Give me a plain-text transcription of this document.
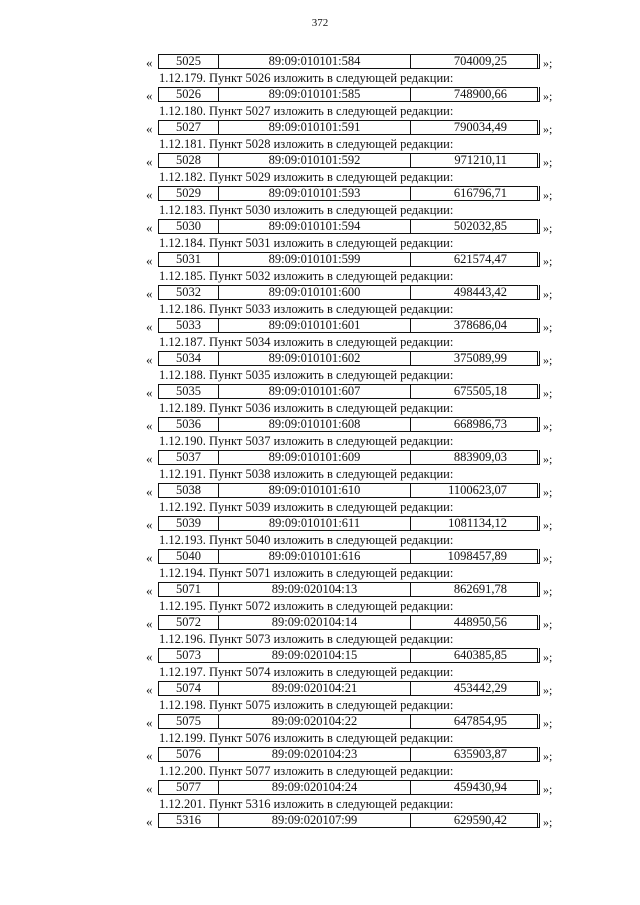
372
«	5025	89:09:010101:584	704009,25	»;
1.12.179. Пункт 5026 изложить в следующей редакции:
«	5026	89:09:010101:585	748900,66	»;
1.12.180. Пункт 5027 изложить в следующей редакции:
«	5027	89:09:010101:591	790034,49	»;
1.12.181. Пункт 5028 изложить в следующей редакции:
«	5028	89:09:010101:592	971210,11	»;
1.12.182. Пункт 5029 изложить в следующей редакции:
«	5029	89:09:010101:593	616796,71	»;
1.12.183. Пункт 5030 изложить в следующей редакции:
«	5030	89:09:010101:594	502032,85	»;
1.12.184. Пункт 5031 изложить в следующей редакции:
«	5031	89:09:010101:599	621574,47	»;
1.12.185. Пункт 5032 изложить в следующей редакции:
«	5032	89:09:010101:600	498443,42	»;
1.12.186. Пункт 5033 изложить в следующей редакции:
«	5033	89:09:010101:601	378686,04	»;
1.12.187. Пункт 5034 изложить в следующей редакции:
«	5034	89:09:010101:602	375089,99	»;
1.12.188. Пункт 5035 изложить в следующей редакции:
«	5035	89:09:010101:607	675505,18	»;
1.12.189. Пункт 5036 изложить в следующей редакции:
«	5036	89:09:010101:608	668986,73	»;
1.12.190. Пункт 5037 изложить в следующей редакции:
«	5037	89:09:010101:609	883909,03	»;
1.12.191. Пункт 5038 изложить в следующей редакции:
«	5038	89:09:010101:610	1100623,07	»;
1.12.192. Пункт 5039 изложить в следующей редакции:
«	5039	89:09:010101:611	1081134,12	»;
1.12.193. Пункт 5040 изложить в следующей редакции:
«	5040	89:09:010101:616	1098457,89	»;
1.12.194. Пункт 5071 изложить в следующей редакции:
«	5071	89:09:020104:13	862691,78	»;
1.12.195. Пункт 5072 изложить в следующей редакции:
«	5072	89:09:020104:14	448950,56	»;
1.12.196. Пункт 5073 изложить в следующей редакции:
«	5073	89:09:020104:15	640385,85	»;
1.12.197. Пункт 5074 изложить в следующей редакции:
«	5074	89:09:020104:21	453442,29	»;
1.12.198. Пункт 5075 изложить в следующей редакции:
«	5075	89:09:020104:22	647854,95	»;
1.12.199. Пункт 5076 изложить в следующей редакции:
«	5076	89:09:020104:23	635903,87	»;
1.12.200. Пункт 5077 изложить в следующей редакции:
«	5077	89:09:020104:24	459430,94	»;
1.12.201. Пункт 5316 изложить в следующей редакции:
«	5316	89:09:020107:99	629590,42	»;
